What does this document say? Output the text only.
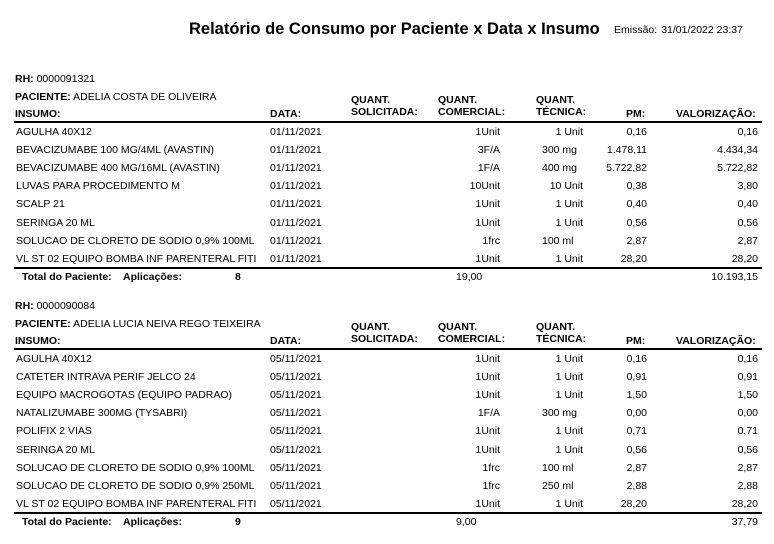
Relatório de Consumo por Paciente x Data x Insumo Emissão: 31/01/2022 23:37
RH: 0000091321
PACIENTE: ADELIA COSTA DE OLIVEIRA
INSUMO:	DATA:
QUANT.
SOLICITADA:
QUANT.
COMERCIAL:
QUANT.
TÉCNICA:	PM:	VALORIZAÇÃO:
AGULHA 40X12	01/11/2021	1Unit	1 Unit	0,16	0,16
BEVACIZUMABE 100 MG/4ML (AVASTIN)	01/11/2021	3F/A	300 mg	1.478,11	4.434,34
BEVACIZUMABE 400 MG/16ML (AVASTIN)	01/11/2021	1F/A	400 mg	5.722,82	5.722,82
LUVAS PARA PROCEDIMENTO M	01/11/2021	10Unit	10 Unit	0,38	3,80
SCALP 21	01/11/2021	1Unit	1 Unit	0,40	0,40
SERINGA 20 ML	01/11/2021	1Unit	1 Unit	0,56	0,56
SOLUCAO DE CLORETO DE SODIO 0,9% 100ML	01/11/2021	1frc	100 ml	2,87	2,87
VL ST 02 EQUIPO BOMBA INF PARENTERAL FITI	01/11/2021	1Unit	1 Unit	28,20	28,20
Total do Paciente: Aplicações:	8	19,00	10.193,15
RH: 0000090084
PACIENTE: ADELIA LUCIA NEIVA REGO TEIXEIRA
INSUMO:	DATA:
QUANT.
SOLICITADA:
QUANT.
COMERCIAL:
QUANT.
TÉCNICA:	PM:	VALORIZAÇÃO:
AGULHA 40X12	05/11/2021	1Unit	1 Unit	0,16	0,16
CATETER INTRAVA PERIF JELCO 24	05/11/2021	1Unit	1 Unit	0,91	0,91
EQUIPO MACROGOTAS (EQUIPO PADRAO)	05/11/2021	1Unit	1 Unit	1,50	1,50
NATALIZUMABE 300MG (TYSABRI)	05/11/2021	1F/A	300 mg	0,00	0,00
POLIFIX 2 VIAS	05/11/2021	1Unit	1 Unit	0,71	0,71
SERINGA 20 ML	05/11/2021	1Unit	1 Unit	0,56	0,56
SOLUCAO DE CLORETO DE SODIO 0,9% 100ML	05/11/2021	1frc	100 ml	2,87	2,87
SOLUCAO DE CLORETO DE SODIO 0,9% 250ML	05/11/2021	1frc	250 ml	2,88	2,88
VL ST 02 EQUIPO BOMBA INF PARENTERAL FITI	05/11/2021	1Unit	1 Unit	28,20	28,20
Total do Paciente: Aplicações:	9	9,00	37,79
